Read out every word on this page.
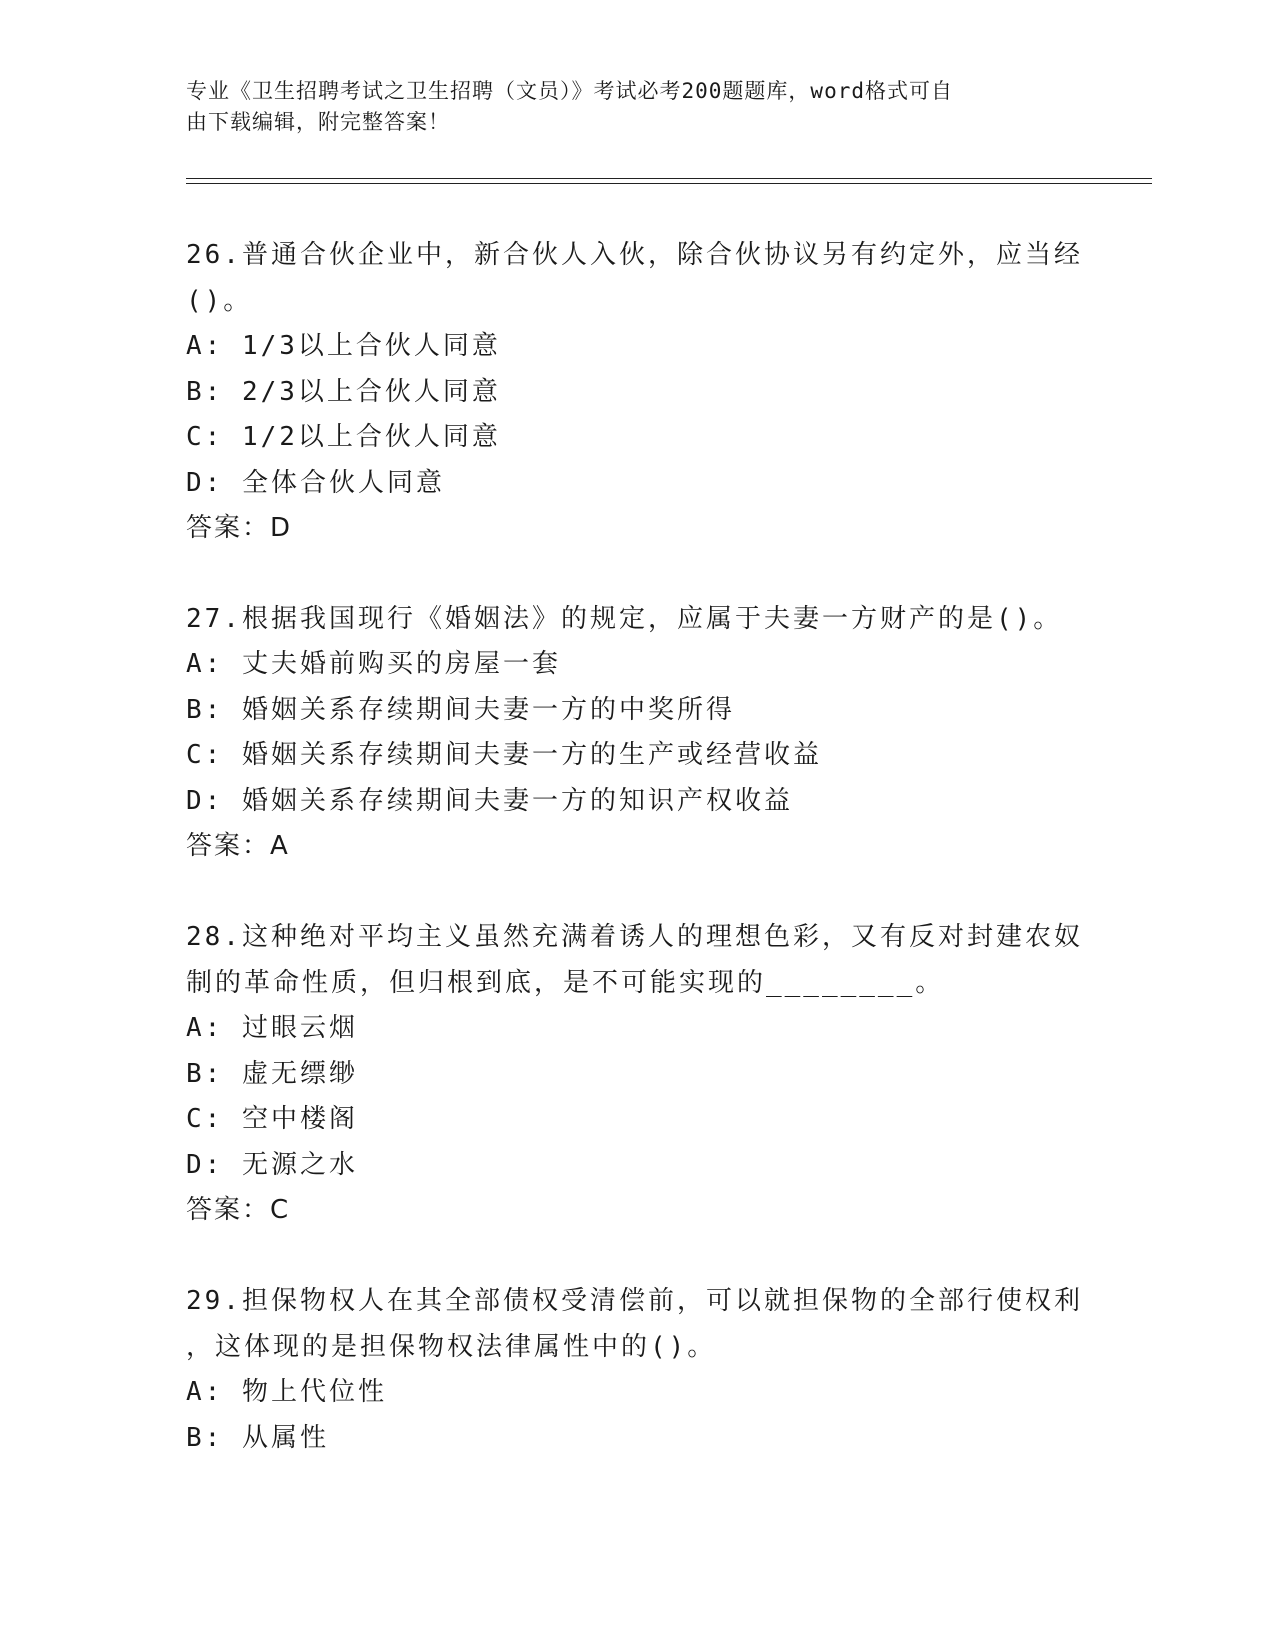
专业《卫生招聘考试之卫生招聘（文员）》考试必考200题题库，word格式可自
由下载编辑，附完整答案！

26.普通合伙企业中，新合伙人入伙，除合伙协议另有约定外，应当经

()。

A: 1/3以上合伙人同意

B: 2/3以上合伙人同意

C: 1/2以上合伙人同意

D: 全体合伙人同意

答案：D

27.根据我国现行《婚姻法》的规定，应属于夫妻一方财产的是()。

A: 丈夫婚前购买的房屋一套

B: 婚姻关系存续期间夫妻一方的中奖所得

C: 婚姻关系存续期间夫妻一方的生产或经营收益

D: 婚姻关系存续期间夫妻一方的知识产权收益

答案：A

28.这种绝对平均主义虽然充满着诱人的理想色彩，又有反对封建农奴

制的革命性质，但归根到底，是不可能实现的________。

A: 过眼云烟

B: 虚无缥缈

C: 空中楼阁

D: 无源之水

答案：C

29.担保物权人在其全部债权受清偿前，可以就担保物的全部行使权利

，这体现的是担保物权法律属性中的()。

A: 物上代位性

B: 从属性
